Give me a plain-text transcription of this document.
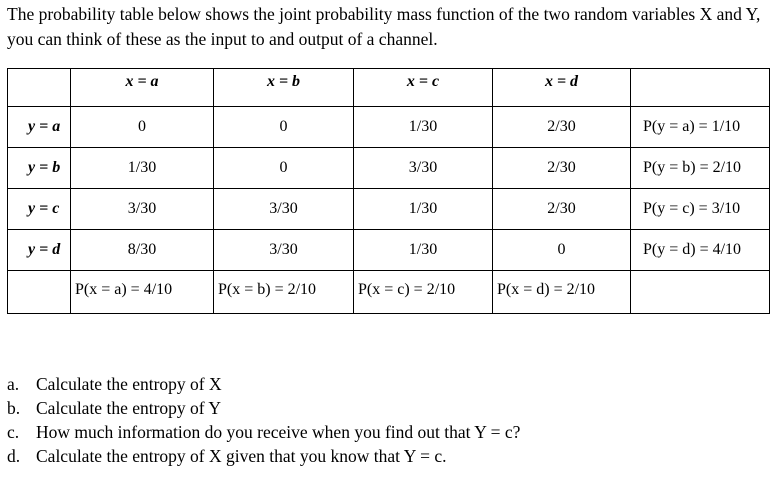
The probability table below shows the joint probability mass function of the two random variables X and Y, you can think of these as the input to and output of a channel.

	x = a	x = b	x = c	x = d	
y = a	0	0	1/30	2/30	P(y = a) = 1/10
y = b	1/30	0	3/30	2/30	P(y = b) = 2/10
y = c	3/30	3/30	1/30	2/30	P(y = c) = 3/10
y = d	8/30	3/30	1/30	0	P(y = d) = 4/10
	P(x = a) = 4/10	P(x = b) = 2/10	P(x = c) = 2/10	P(x = d) = 2/10	
a. Calculate the entropy of X
b. Calculate the entropy of Y
c. How much information do you receive when you find out that Y = c?
d. Calculate the entropy of X given that you know that Y = c.
